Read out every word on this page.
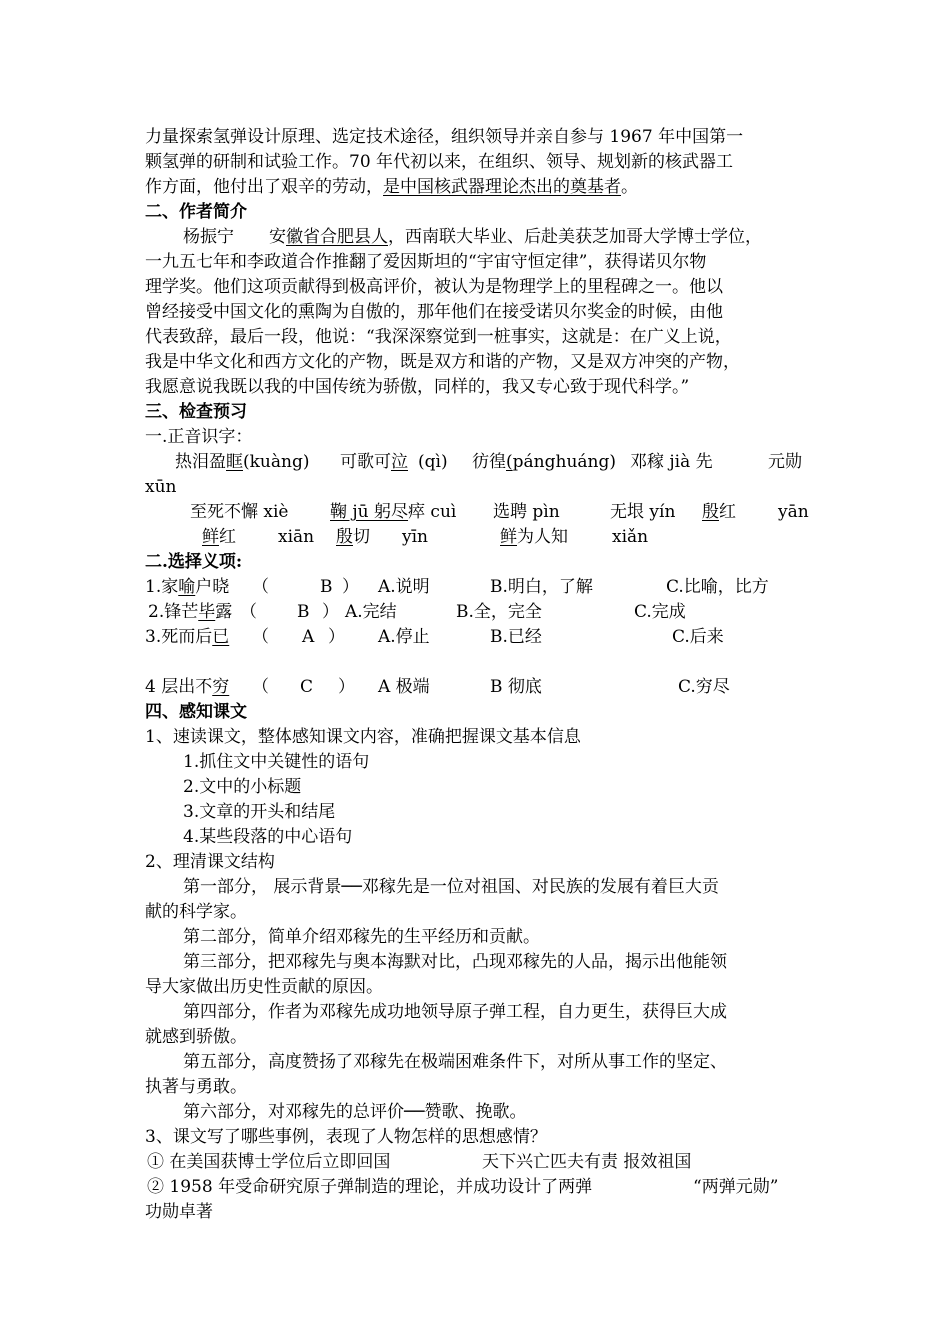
力量探索氢弹设计原理、选定技术途径，组织领导并亲自参与 1967 年中国第一
颗氢弹的研制和试验工作。70 年代初以来，在组织、领导、规划新的核武器工
作方面，他付出了艰辛的劳动，是中国核武器理论杰出的奠基者。
二、作者简介
杨振宁 安徽省合肥县人，西南联大毕业、后赴美获芝加哥大学博士学位，
一九五七年和李政道合作推翻了爱因斯坦的“宇宙守恒定律”，获得诺贝尔物
理学奖。他们这项贡献得到极高评价，被认为是物理学上的里程碑之一。他以
曾经接受中国文化的熏陶为自傲的，那年他们在接受诺贝尔奖金的时候，由他
代表致辞，最后一段，他说：“我深深察觉到一桩事实，这就是：在广义上说，
我是中华文化和西方文化的产物，既是双方和谐的产物，又是双方冲突的产物，
我愿意说我既以我的中国传统为骄傲，同样的，我又专心致于现代科学。”
三、检查预习
一.正音识字：
热泪盈眶(kuàng) 可歌可泣 (qì) 彷徨(pánghuáng) 邓稼 jià 先	元勋
xūn
至死不懈 xiè 鞠 jū 躬尽瘁 cuì 选聘 pìn	无垠 yín 殷红 yān
鲜红 xiān 殷切 yīn	鲜为人知	xiǎn
二.选择义项:
1.家喻户晓 （	B ） A.说明	B.明白，了解	C.比喻，比方
2.锋芒毕露 （ B ） A.完结	B.全，完全	C.完成
3.死而后已 （ A ） A.停止	B.已经	C.后来
4 层出不穷 （ C ） A 极端	B 彻底	C.穷尽
四、感知课文
1、速读课文，整体感知课文内容，准确把握课文基本信息
1.抓住文中关键性的语句
2.文中的小标题
3.文章的开头和结尾
4.某些段落的中心语句
2、理清课文结构
第一部分， 展示背景──邓稼先是一位对祖国、对民族的发展有着巨大贡
献的科学家。
第二部分，简单介绍邓稼先的生平经历和贡献。
第三部分，把邓稼先与奥本海默对比，凸现邓稼先的人品，揭示出他能领
导大家做出历史性贡献的原因。
第四部分，作者为邓稼先成功地领导原子弹工程，自力更生，获得巨大成
就感到骄傲。
第五部分，高度赞扬了邓稼先在极端困难条件下，对所从事工作的坚定、
执著与勇敢。
第六部分，对邓稼先的总评价──赞歌、挽歌。
3、课文写了哪些事例，表现了人物怎样的思想感情？
① 在美国获博士学位后立即回国	天下兴亡匹夫有责 报效祖国
② 1958 年受命研究原子弹制造的理论，并成功设计了两弹	“两弹元勋”
功勋卓著
